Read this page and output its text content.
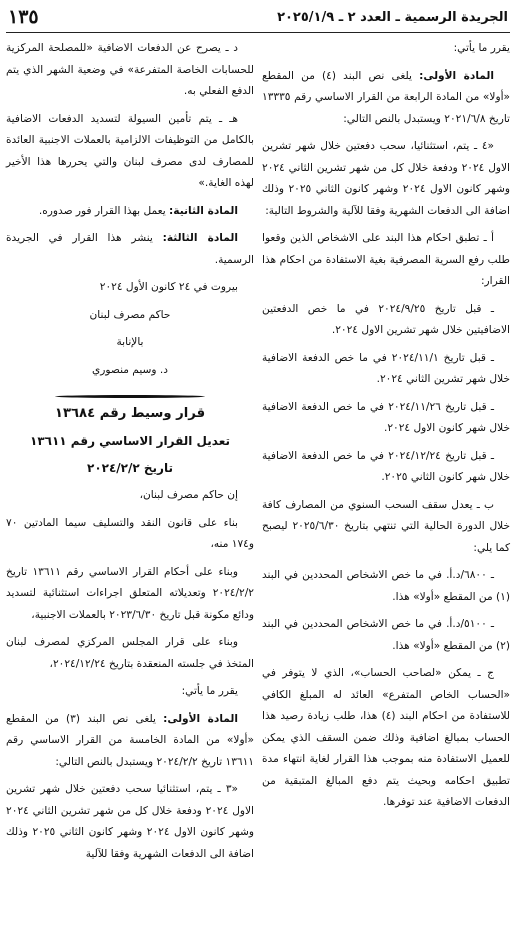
الجريدة الرسمية ـ العدد ٢ ـ ٢٠٢٥/١/٩
١٣٥

يقرر ما يأتي:

المادة الأولى: يلغى نص البند (٤) من المقطع «أولا» من المادة الرابعة من القرار الاساسي رقم ١٣٣٣٥ تاريخ ٢٠٢١/٦/٨ ويستبدل بالنص التالي:

«٤ ـ يتم، استثنائيا، سحب دفعتين خلال شهر تشرين الاول ٢٠٢٤ ودفعة خلال كل من شهر تشرين الثاني ٢٠٢٤ وشهر كانون الاول ٢٠٢٤ وشهر كانون الثاني ٢٠٢٥ وذلك اضافة الى الدفعات الشهرية وفقا للآلية والشروط التالية:

أ ـ تطبق احكام هذا البند على الاشخاص الذين وقعوا طلب رفع السرية المصرفية بغية الاستفادة من احكام هذا القرار:

ـ قبل تاريخ ٢٠٢٤/٩/٢٥ في ما خص الدفعتين الاضافيتين خلال شهر تشرين الاول ٢٠٢٤.

ـ قبل تاريخ ٢٠٢٤/١١/١ في ما خص الدفعة الاضافية خلال شهر تشرين الثاني ٢٠٢٤.

ـ قبل تاريخ ٢٠٢٤/١١/٢٦ في ما خص الدفعة الاضافية خلال شهر كانون الاول ٢٠٢٤.

ـ قبل تاريخ ٢٠٢٤/١٢/٢٤ في ما خص الدفعة الاضافية خلال شهر كانون الثاني ٢٠٢٥.

ب ـ يعدل سقف السحب السنوي من المصارف كافة خلال الدورة الحالية التي تنتهي بتاريخ ٢٠٢٥/٦/٣٠ ليصبح كما يلي:

ـ ٦٨٠٠/د.أ. في ما خص الاشخاص المحددين في البند (١) من المقطع «أولا» هذا.

ـ ٥١٠٠/د.أ. في ما خص الاشخاص المحددين في البند (٢) من المقطع «أولا» هذا.

ج ـ يمكن «لصاحب الحساب»، الذي لا يتوفر في «الحساب الخاص المتفرع» العائد له المبلغ الكافي للاستفادة من احكام البند (٤) هذا، طلب زيادة رصيد هذا الحساب بمبالغ اضافية وذلك ضمن السقف الذي يمكن للعميل الاستفادة منه بموجب هذا القرار لغاية انتهاء مدة تطبيق احكامه وبحيث يتم دفع المبالغ المتبقية من الدفعات الاضافية عند توفرها.

د ـ يصرح عن الدفعات الاضافية «للمصلحة المركزية للحسابات الخاصة المتفرعة» في وضعية الشهر الذي يتم الدفع الفعلي به.

هـ ـ يتم تأمين السيولة لتسديد الدفعات الاضافية بالكامل من التوظيفات الالزامية بالعملات الاجنبية العائدة للمصارف لدى مصرف لبنان والتي يحررها هذا الأخير لهذه الغاية.»

المادة الثانية: يعمل بهذا القرار فور صدوره.

المادة الثالثة: ينشر هذا القرار في الجريدة الرسمية.

بيروت في ٢٤ كانون الأول ٢٠٢٤

حاكم مصرف لبنان

بالإنابة

د. وسيم منصوري

قرار وسيط رقم ١٣٦٨٤

تعديل القرار الاساسي رقم ١٣٦١١

تاريخ ٢٠٢٤/٢/٢

إن حاكم مصرف لبنان،

بناء على قانون النقد والتسليف سيما المادتين ٧٠ و١٧٤ منه،

وبناء على أحكام القرار الاساسي رقم ١٣٦١١ تاريخ ٢٠٢٤/٢/٢ وتعديلاته المتعلق اجراءات استثنائية لتسديد ودائع مكونة قبل تاريخ ٢٠٢٣/٦/٣٠ بالعملات الاجنبية،

وبناء على قرار المجلس المركزي لمصرف لبنان المتخذ في جلسته المنعقدة بتاريخ ٢٠٢٤/١٢/٢٤،

يقرر ما يأتي:

المادة الأولى: يلغى نص البند (٣) من المقطع «أولا» من المادة الخامسة من القرار الاساسي رقم ١٣٦١١ تاريخ ٢٠٢٤/٢/٢ ويستبدل بالنص التالي:

«٣ ـ يتم، استثنائيا سحب دفعتين خلال شهر تشرين الاول ٢٠٢٤ ودفعة خلال كل من شهر تشرين الثاني ٢٠٢٤ وشهر كانون الاول ٢٠٢٤ وشهر كانون الثاني ٢٠٢٥ وذلك اضافة الى الدفعات الشهرية وفقا للآلية
